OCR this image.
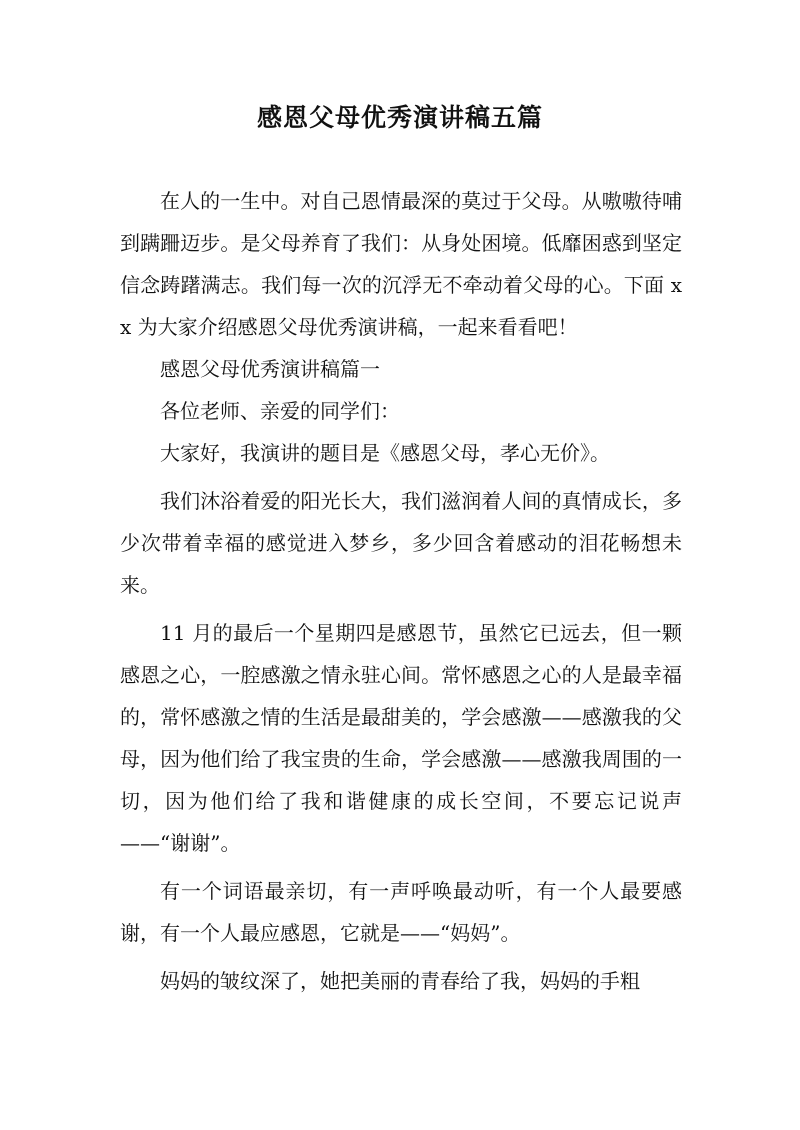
感恩父母优秀演讲稿五篇

在人的一生中。对自己恩情最深的莫过于父母。从嗷嗷待哺到蹒跚迈步。是父母养育了我们：从身处困境。低靡困惑到坚定信念踌躇满志。我们每一次的沉浮无不牵动着父母的心。下面 xx 为大家介绍感恩父母优秀演讲稿，一起来看看吧！

感恩父母优秀演讲稿篇一

各位老师、亲爱的同学们：

大家好，我演讲的题目是《感恩父母，孝心无价》。

我们沐浴着爱的阳光长大，我们滋润着人间的真情成长，多少次带着幸福的感觉进入梦乡，多少回含着感动的泪花畅想未来。

11 月的最后一个星期四是感恩节，虽然它已远去，但一颗感恩之心，一腔感激之情永驻心间。常怀感恩之心的人是最幸福的，常怀感激之情的生活是最甜美的，学会感激——感激我的父母，因为他们给了我宝贵的生命，学会感激——感激我周围的一切，因为他们给了我和谐健康的成长空间，不要忘记说声——“谢谢”。

有一个词语最亲切，有一声呼唤最动听，有一个人最要感谢，有一个人最应感恩，它就是——“妈妈”。

妈妈的皱纹深了，她把美丽的青春给了我，妈妈的手粗
